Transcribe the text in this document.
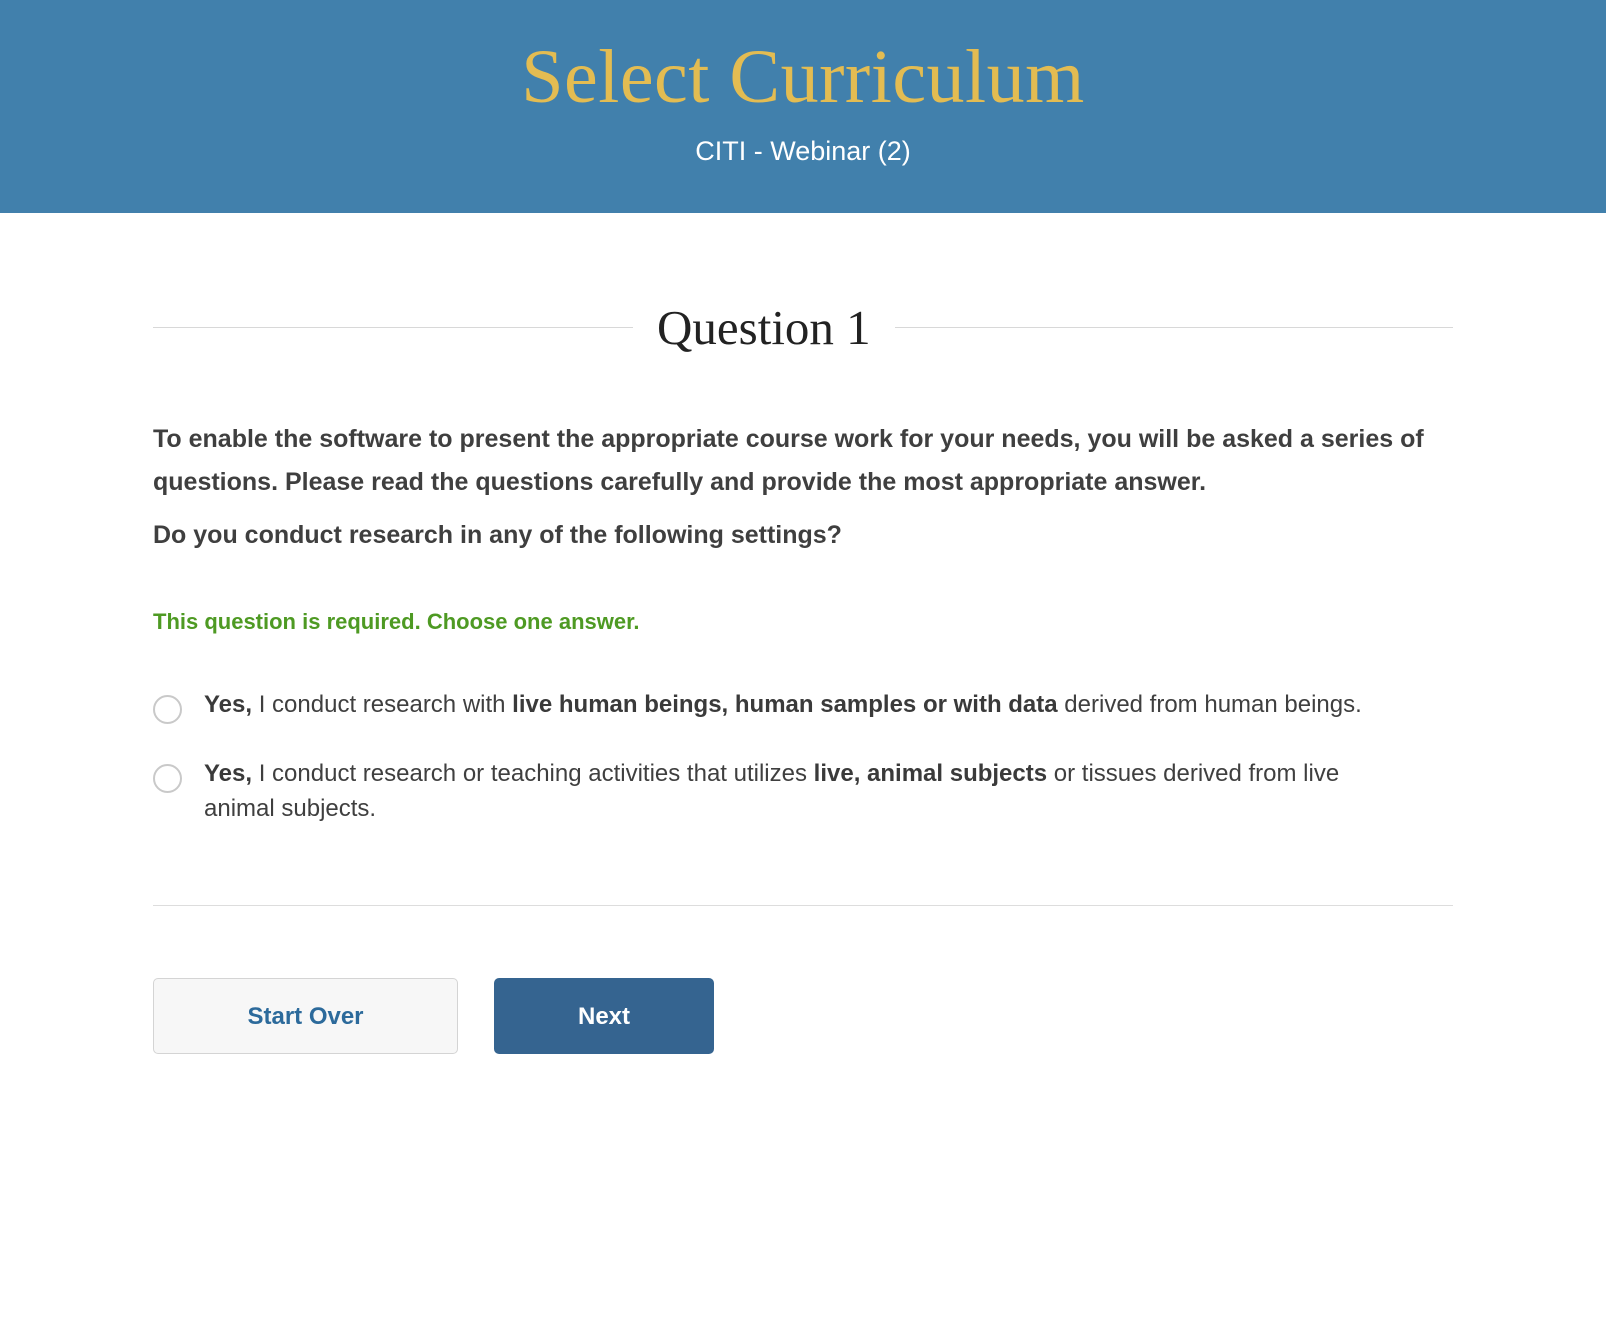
Select Curriculum
CITI - Webinar (2)
Question 1

To enable the software to present the appropriate course work for your needs, you will be asked a series of questions. Please read the questions carefully and provide the most appropriate answer.

Do you conduct research in any of the following settings?

This question is required. Choose one answer.
Yes, I conduct research with live human beings, human samples or with data derived from human beings.
Yes, I conduct research or teaching activities that utilizes live, animal subjects or tissues derived from live animal subjects.
Start Over	Next
